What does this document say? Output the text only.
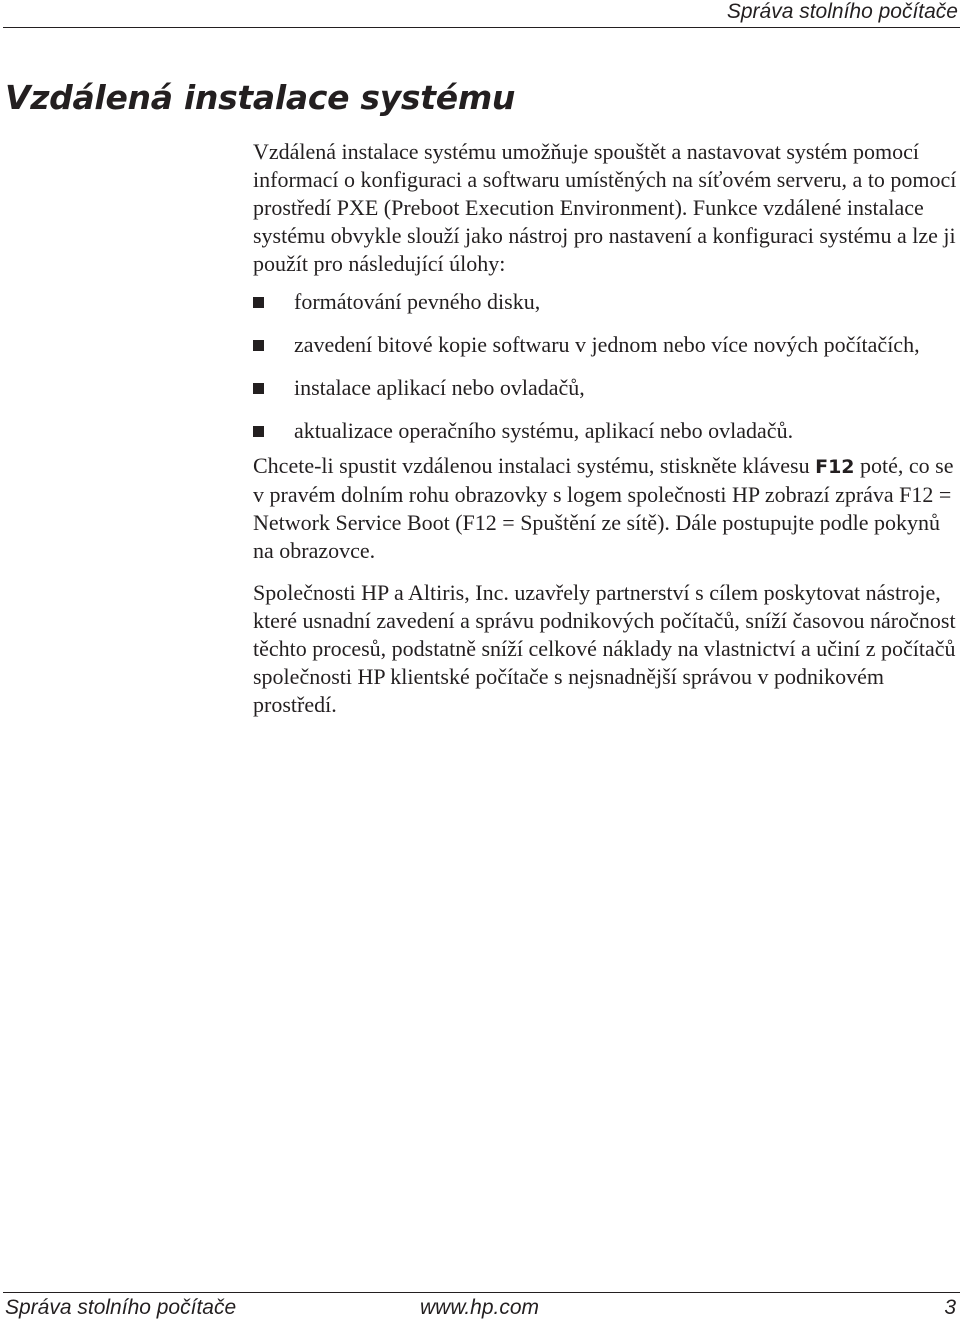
Správa stolního počítače
Vzdálená instalace systému

Vzdálená instalace systému umožňuje spouštět a nastavovat systém pomocí informací o konfiguraci a softwaru umístěných na síťovém serveru, a to pomocí prostředí PXE (Preboot Execution Environment). Funkce vzdálené instalace systému obvykle slouží jako nástroj pro nastavení a konfiguraci systému a lze ji použít pro následující úlohy:

formátování pevného disku,
zavedení bitové kopie softwaru v jednom nebo více nových počítačích,
instalace aplikací nebo ovladačů,
aktualizace operačního systému, aplikací nebo ovladačů.

Chcete-li spustit vzdálenou instalaci systému, stiskněte klávesu F12 poté, co se v pravém dolním rohu obrazovky s logem společnosti HP zobrazí zpráva F12 = Network Service Boot (F12 = Spuštění ze sítě). Dále postupujte podle pokynů na obrazovce.

Společnosti HP a Altiris, Inc. uzavřely partnerství s cílem poskytovat nástroje, které usnadní zavedení a správu podnikových počítačů, sníží časovou náročnost těchto procesů, podstatně sníží celkové náklady na vlastnictví a učiní z počítačů společnosti HP klientské počítače s nejsnadnější správou v podnikovém prostředí.

Správa stolního počítače	www.hp.com	3
